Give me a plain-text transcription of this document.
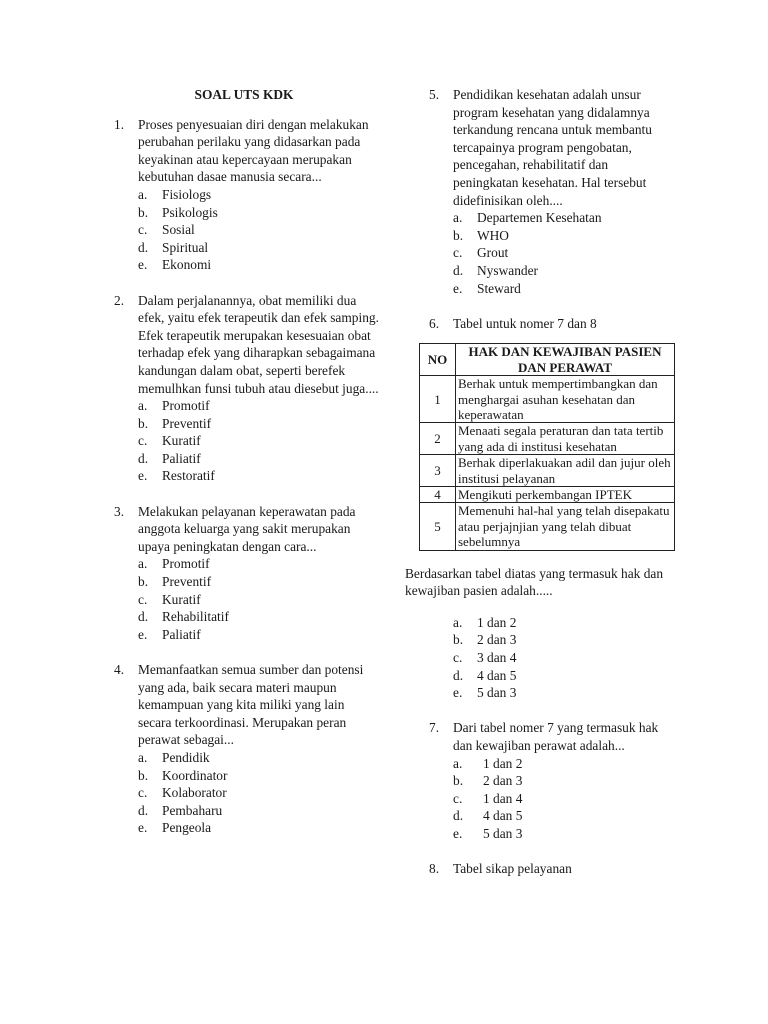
SOAL UTS KDK
1. Proses penyesuaian diri dengan melakukan perubahan perilaku yang didasarkan pada keyakinan atau kepercayaan merupakan kebutuhan dasae manusia secara...
a. Fisiologs
b. Psikologis
c. Sosial
d. Spiritual
e. Ekonomi
2. Dalam perjalanannya, obat memiliki dua efek, yaitu efek terapeutik dan efek samping. Efek terapeutik merupakan kesesuaian obat terhadap efek yang diharapkan sebagaimana kandungan dalam obat, seperti berefek memulhkan funsi tubuh atau diesebut juga....
a. Promotif
b. Preventif
c. Kuratif
d. Paliatif
e. Restoratif
3. Melakukan pelayanan keperawatan pada anggota keluarga yang sakit merupakan upaya peningkatan dengan cara...
a. Promotif
b. Preventif
c. Kuratif
d. Rehabilitatif
e. Paliatif
4. Memanfaatkan semua sumber dan potensi yang ada, baik secara materi maupun kemampuan yang kita miliki yang lain secara terkoordinasi. Merupakan peran perawat sebagai...
a. Pendidik
b. Koordinator
c. Kolaborator
d. Pembaharu
e. Pengeola
5. Pendidikan kesehatan adalah unsur program kesehatan yang didalamnya terkandung rencana untuk membantu tercapainya program pengobatan, pencegahan, rehabilitatif dan peningkatan kesehatan. Hal tersebut didefinisikan oleh....
a. Departemen Kesehatan
b. WHO
c. Grout
d. Nyswander
e. Steward
6. Tabel untuk nomer 7 dan 8
NO	HAK DAN KEWAJIBAN PASIEN DAN PERAWAT
1	Berhak untuk mempertimbangkan dan menghargai asuhan kesehatan dan keperawatan
2	Menaati segala peraturan dan tata tertib yang ada di institusi kesehatan
3	Berhak diperlakuakan adil dan jujur oleh institusi pelayanan
4	Mengikuti perkembangan IPTEK
5	Memenuhi hal-hal yang telah disepakatu atau perjajnjian yang telah dibuat sebelumnya

Berdasarkan tabel diatas yang termasuk hak dan kewajiban pasien adalah.....

a. 1 dan 2
b. 2 dan 3
c. 3 dan 4
d. 4 dan 5
e. 5 dan 3
7. Dari tabel nomer 7 yang termasuk hak dan kewajiban perawat adalah...
a. 1 dan 2
b. 2 dan 3
c. 1 dan 4
d. 4 dan 5
e. 5 dan 3
8. Tabel sikap pelayanan
